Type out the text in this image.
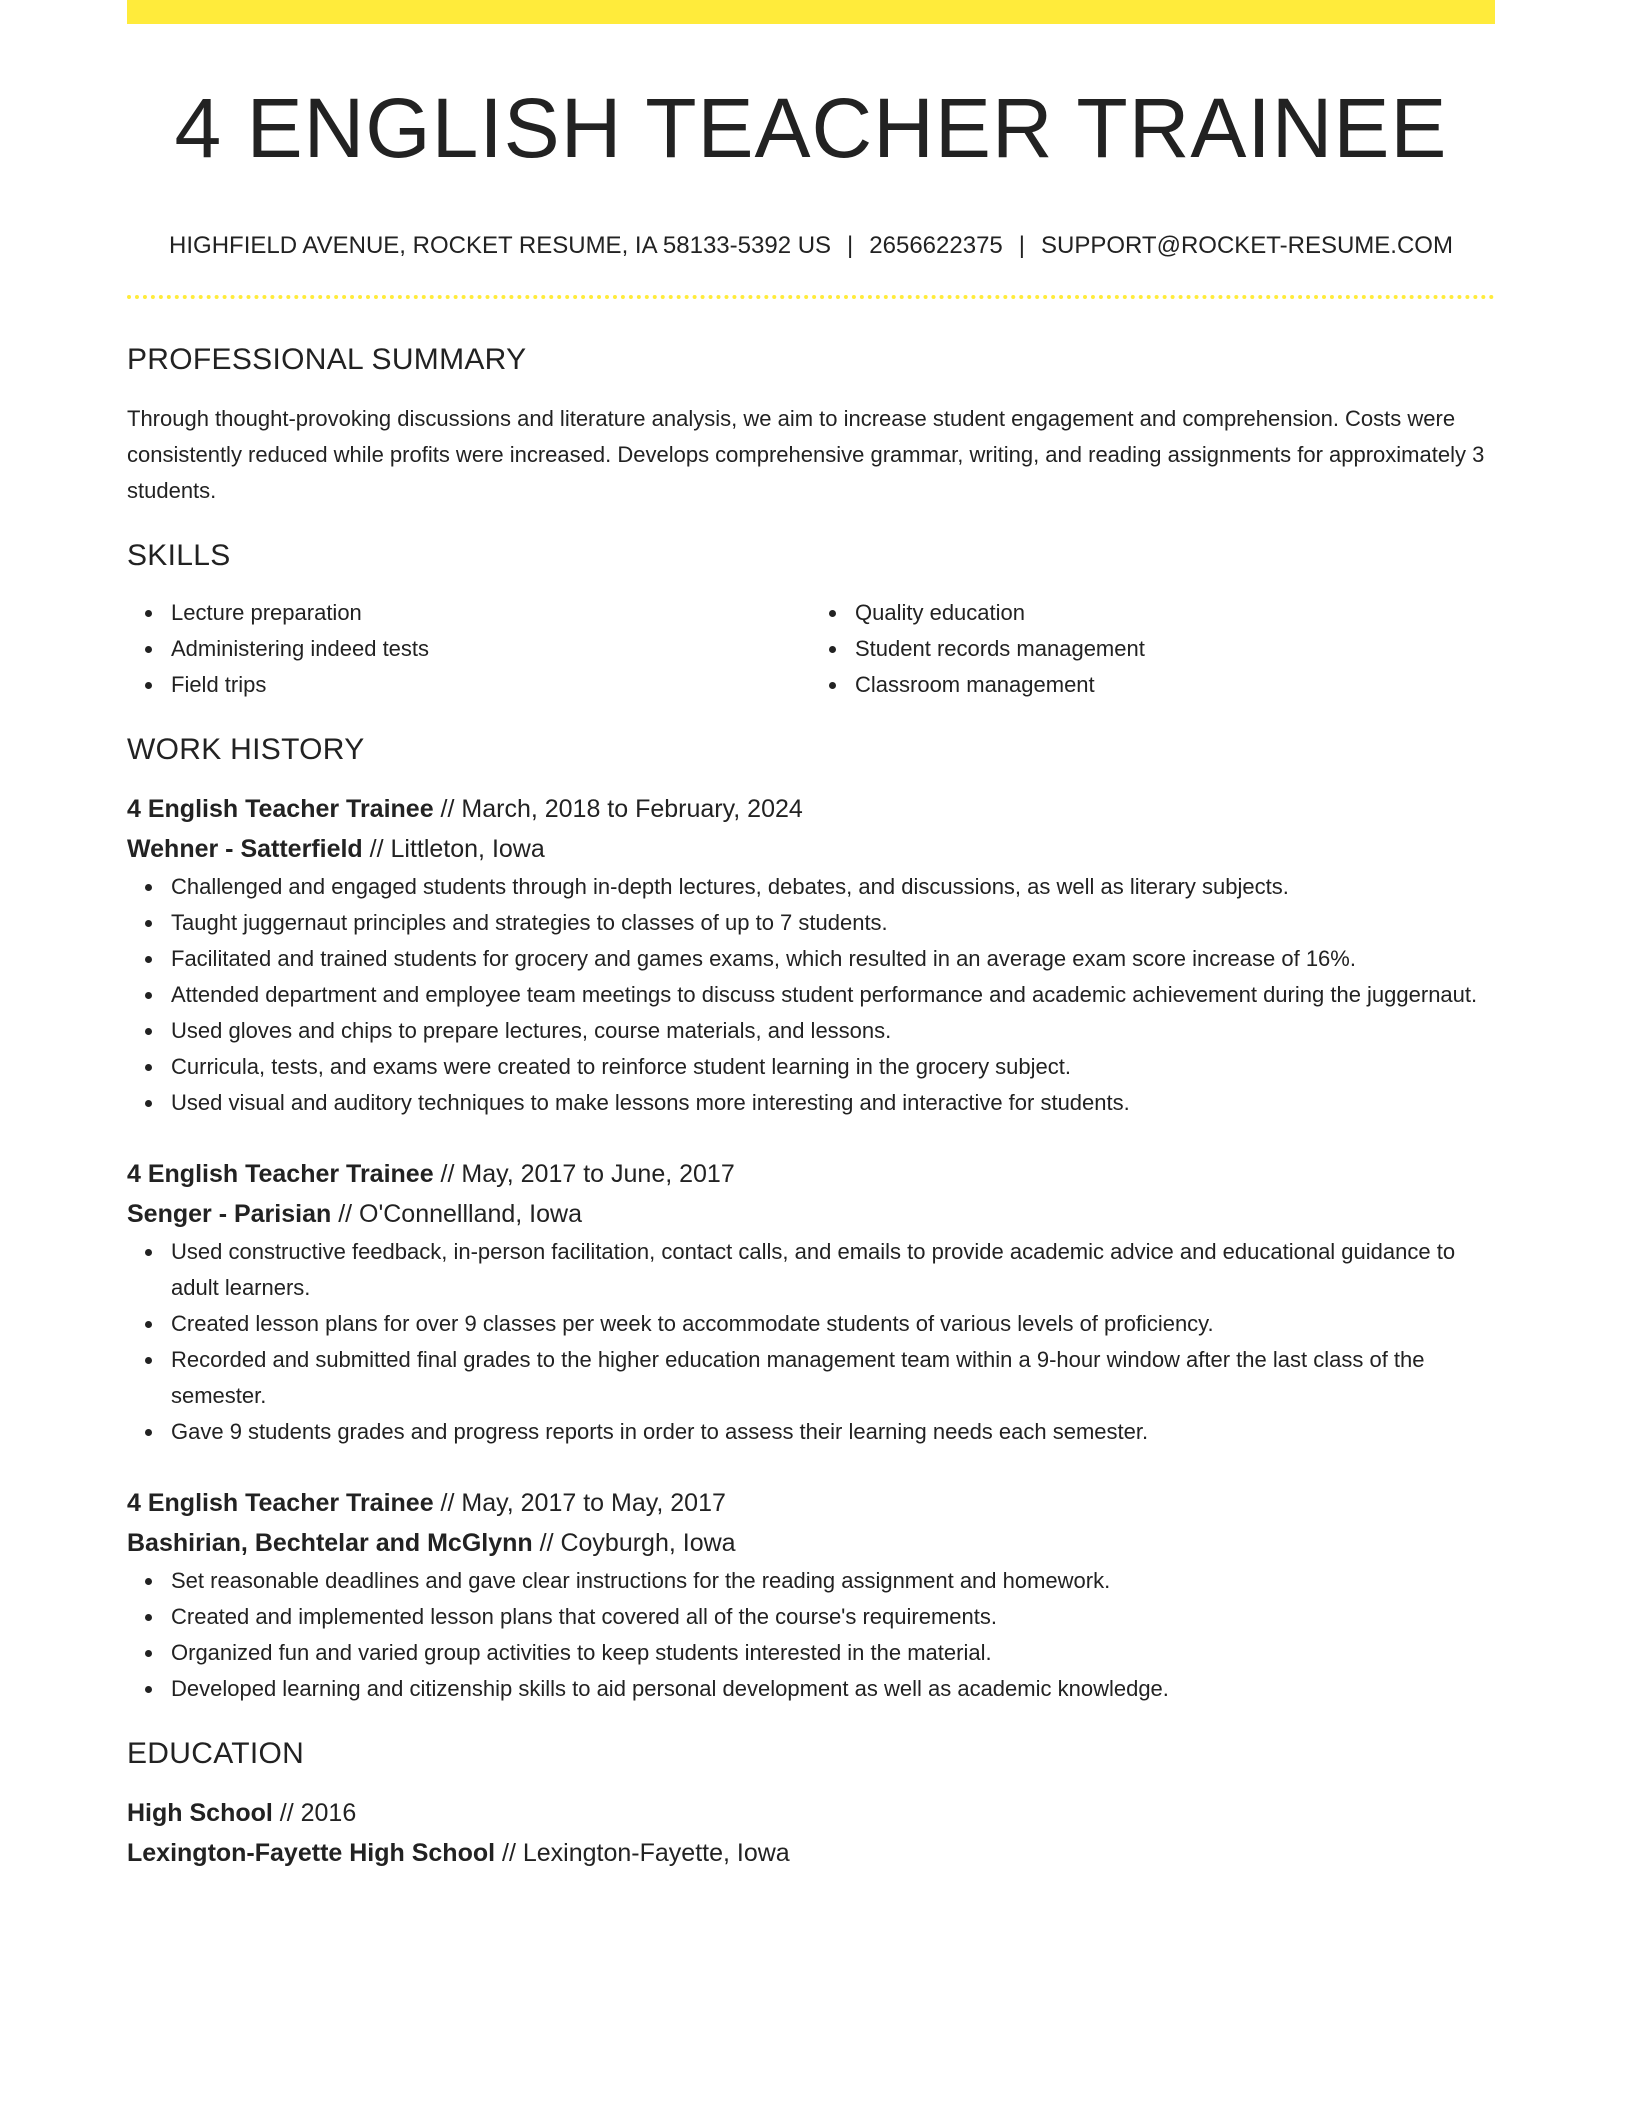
4 ENGLISH TEACHER TRAINEE
HIGHFIELD AVENUE, ROCKET RESUME, IA 58133-5392 US | 2656622375 | SUPPORT@ROCKET-RESUME.COM
PROFESSIONAL SUMMARY

Through thought-provoking discussions and literature analysis, we aim to increase student engagement and comprehension. Costs were consistently reduced while profits were increased. Develops comprehensive grammar, writing, and reading assignments for approximately 3 students.

SKILLS
Lecture preparation
Administering indeed tests
Field trips
Quality education
Student records management
Classroom management
WORK HISTORY
4 English Teacher Trainee // March, 2018 to February, 2024
Wehner - Satterfield // Littleton, Iowa
Challenged and engaged students through in-depth lectures, debates, and discussions, as well as literary subjects.
Taught juggernaut principles and strategies to classes of up to 7 students.
Facilitated and trained students for grocery and games exams, which resulted in an average exam score increase of 16%.
Attended department and employee team meetings to discuss student performance and academic achievement during the juggernaut.
Used gloves and chips to prepare lectures, course materials, and lessons.
Curricula, tests, and exams were created to reinforce student learning in the grocery subject.
Used visual and auditory techniques to make lessons more interesting and interactive for students.
4 English Teacher Trainee // May, 2017 to June, 2017
Senger - Parisian // O'Connellland, Iowa
Used constructive feedback, in-person facilitation, contact calls, and emails to provide academic advice and educational guidance to adult learners.
Created lesson plans for over 9 classes per week to accommodate students of various levels of proficiency.
Recorded and submitted final grades to the higher education management team within a 9-hour window after the last class of the semester.
Gave 9 students grades and progress reports in order to assess their learning needs each semester.
4 English Teacher Trainee // May, 2017 to May, 2017
Bashirian, Bechtelar and McGlynn // Coyburgh, Iowa
Set reasonable deadlines and gave clear instructions for the reading assignment and homework.
Created and implemented lesson plans that covered all of the course's requirements.
Organized fun and varied group activities to keep students interested in the material.
Developed learning and citizenship skills to aid personal development as well as academic knowledge.
EDUCATION
High School // 2016
Lexington-Fayette High School // Lexington-Fayette, Iowa
